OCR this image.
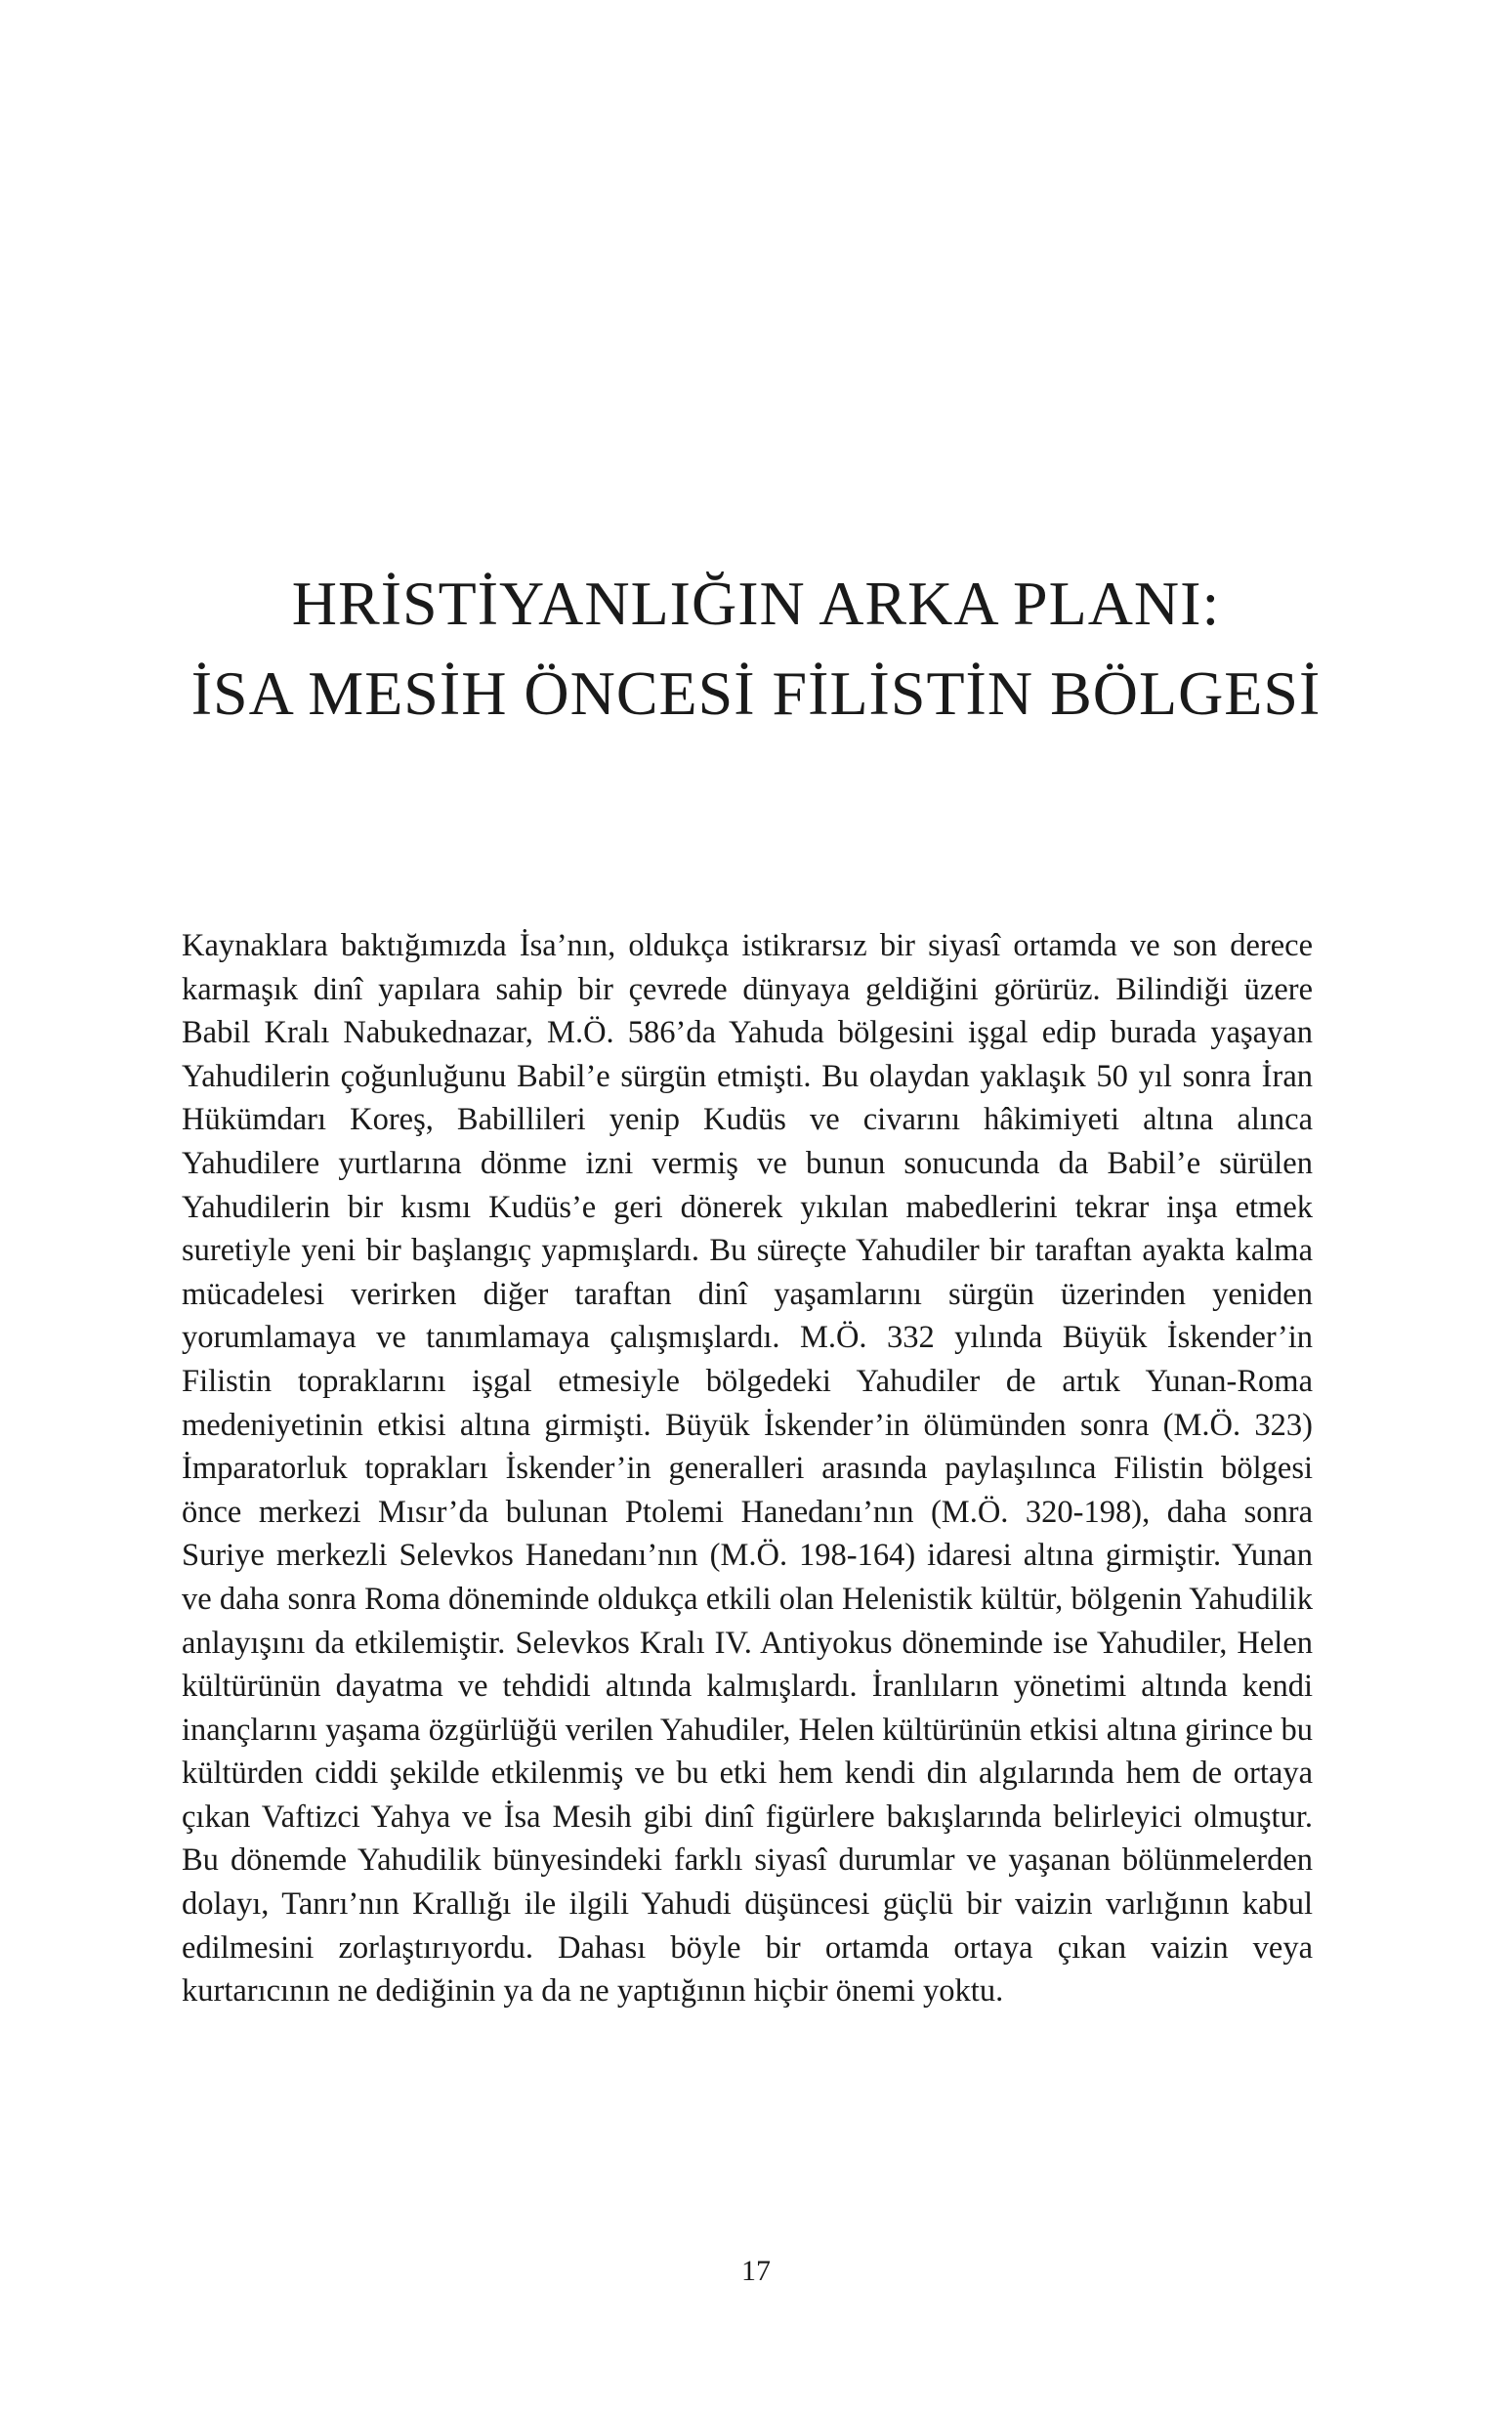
HRİSTİYANLIĞIN ARKA PLANI:
İSA MESİH ÖNCESİ FİLİSTİN BÖLGESİ

Kaynaklara baktığımızda İsa’nın, oldukça istikrarsız bir siyasî ortamda ve son derece karmaşık dinî yapılara sahip bir çevrede dünyaya geldiğini görürüz. Bilindiği üzere Babil Kralı Nabukednazar, M.Ö. 586’da Yahuda bölgesini işgal edip burada yaşayan Yahudilerin çoğunluğunu Babil’e sürgün etmişti. Bu olaydan yaklaşık 50 yıl sonra İran Hükümdarı Koreş, Babillileri yenip Kudüs ve civarını hâkimiyeti altına alınca Yahudilere yurtlarına dönme izni vermiş ve bunun sonucunda da Babil’e sürülen Yahudilerin bir kısmı Kudüs’e geri dönerek yıkılan mabedlerini tekrar inşa etmek suretiyle yeni bir başlangıç yapmışlardı. Bu süreçte Yahudiler bir taraftan ayakta kalma mücadelesi verirken diğer taraftan dinî yaşamlarını sürgün üzerinden yeniden yorumlamaya ve tanımlamaya çalışmışlardı. M.Ö. 332 yılında Büyük İskender’in Filistin topraklarını işgal etmesiyle bölgedeki Yahudiler de artık Yunan-Roma medeniyetinin etkisi altına girmişti. Büyük İskender’in ölümünden sonra (M.Ö. 323) İmparatorluk toprakları İskender’in generalleri arasında paylaşılınca Filistin bölgesi önce merkezi Mısır’da bulunan Ptolemi Hanedanı’nın (M.Ö. 320-198), daha sonra Suriye merkezli Selevkos Hanedanı’nın (M.Ö. 198-164) idaresi altına girmiştir. Yunan ve daha sonra Roma döneminde oldukça etkili olan Helenistik kültür, bölgenin Yahudilik anlayışını da etkilemiştir. Selevkos Kralı IV. Antiyokus döneminde ise Yahudiler, Helen kültürünün dayatma ve tehdidi altında kalmışlardı. İranlıların yönetimi altında kendi inançlarını yaşama özgürlüğü verilen Yahudiler, Helen kültürünün etkisi altına girince bu kültürden ciddi şekilde etkilenmiş ve bu etki hem kendi din algılarında hem de ortaya çıkan Vaftizci Yahya ve İsa Mesih gibi dinî figürlere bakışlarında belirleyici olmuştur. Bu dönemde Yahudilik bünyesindeki farklı siyasî durumlar ve yaşanan bölünmelerden dolayı, Tanrı’nın Krallığı ile ilgili Yahudi düşüncesi güçlü bir vaizin varlığının kabul edilmesini zorlaştırıyordu. Dahası böyle bir ortamda ortaya çıkan vaizin veya kurtarıcının ne dediğinin ya da ne yaptığının hiçbir önemi yoktu.

17
